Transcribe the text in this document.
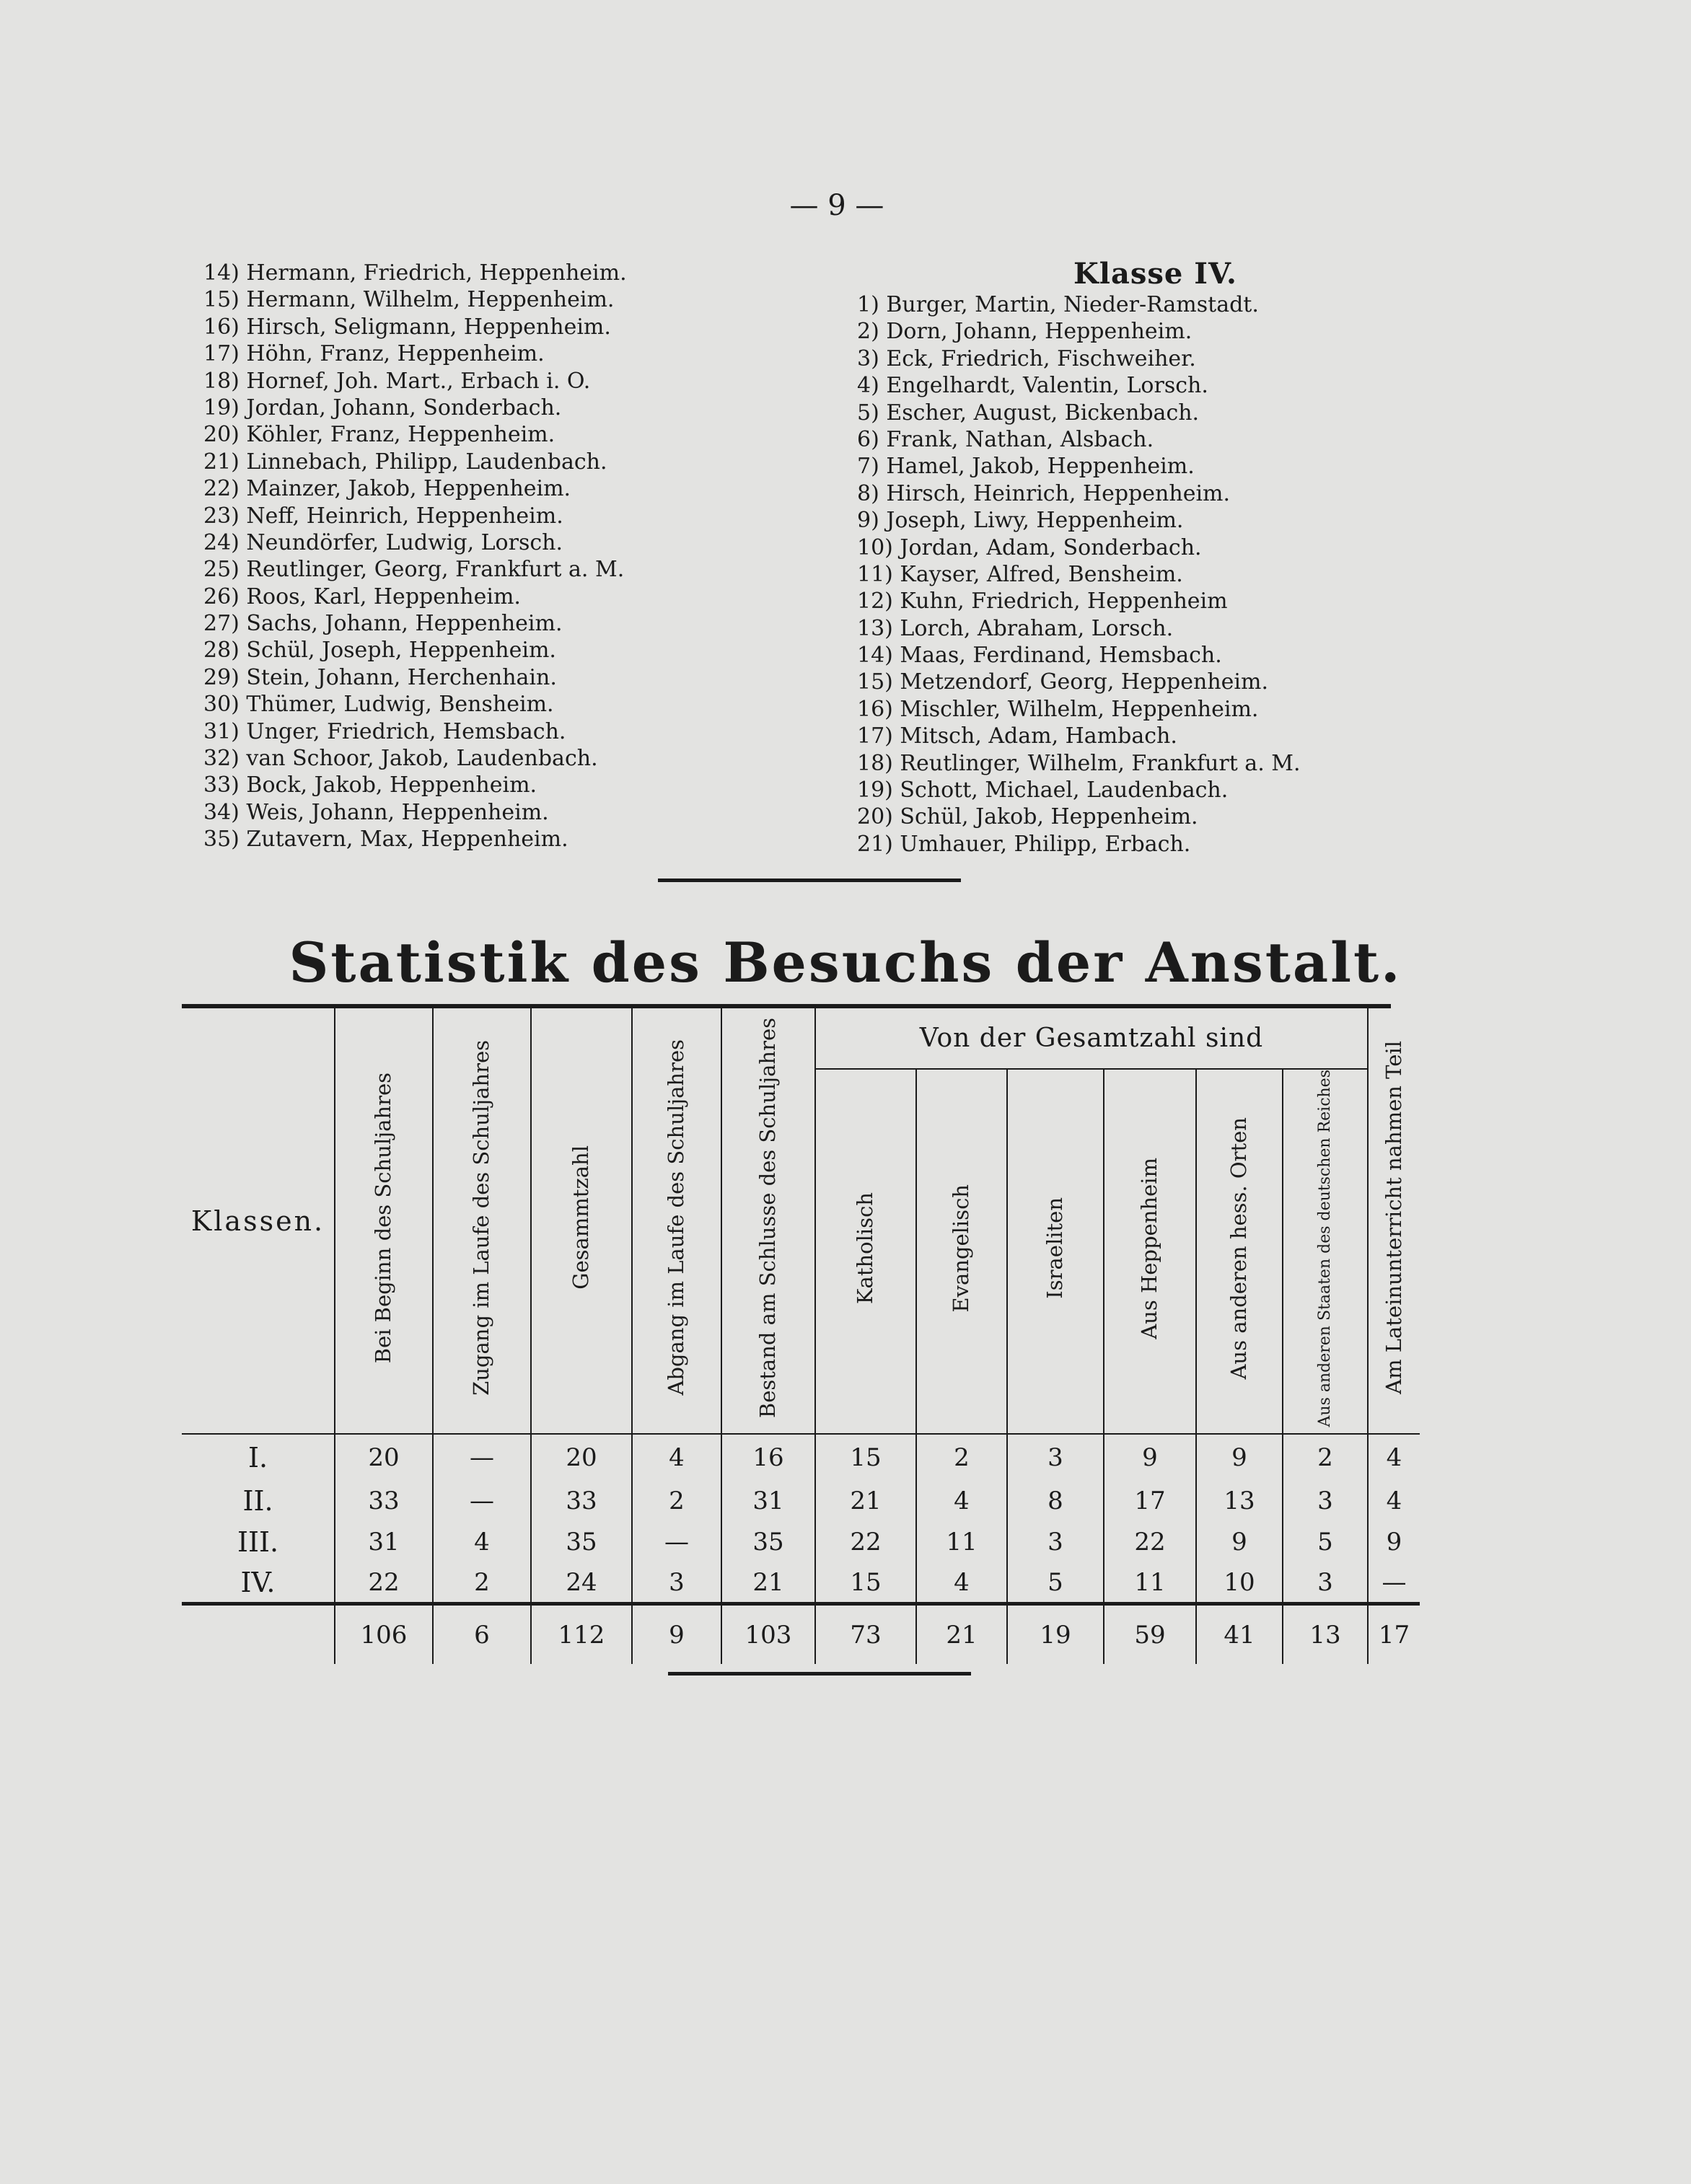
— 9 —
14) Hermann, Friedrich, Heppenheim.
15) Hermann, Wilhelm, Heppenheim.
16) Hirsch, Seligmann, Heppenheim.
17) Höhn, Franz, Heppenheim.
18) Hornef, Joh. Mart., Erbach i. O.
19) Jordan, Johann, Sonderbach.
20) Köhler, Franz, Heppenheim.
21) Linnebach, Philipp, Laudenbach.
22) Mainzer, Jakob, Heppenheim.
23) Neff, Heinrich, Heppenheim.
24) Neundörfer, Ludwig, Lorsch.
25) Reutlinger, Georg, Frankfurt a. M.
26) Roos, Karl, Heppenheim.
27) Sachs, Johann, Heppenheim.
28) Schül, Joseph, Heppenheim.
29) Stein, Johann, Herchenhain.
30) Thümer, Ludwig, Bensheim.
31) Unger, Friedrich, Hemsbach.
32) van Schoor, Jakob, Laudenbach.
33) Bock, Jakob, Heppenheim.
34) Weis, Johann, Heppenheim.
35) Zutavern, Max, Heppenheim.
Klasse IV.
1) Burger, Martin, Nieder-Ramstadt.
2) Dorn, Johann, Heppenheim.
3) Eck, Friedrich, Fischweiher.
4) Engelhardt, Valentin, Lorsch.
5) Escher, August, Bickenbach.
6) Frank, Nathan, Alsbach.
7) Hamel, Jakob, Heppenheim.
8) Hirsch, Heinrich, Heppenheim.
9) Joseph, Liwy, Heppenheim.
10) Jordan, Adam, Sonderbach.
11) Kayser, Alfred, Bensheim.
12) Kuhn, Friedrich, Heppenheim
13) Lorch, Abraham, Lorsch.
14) Maas, Ferdinand, Hemsbach.
15) Metzendorf, Georg, Heppenheim.
16) Mischler, Wilhelm, Heppenheim.
17) Mitsch, Adam, Hambach.
18) Reutlinger, Wilhelm, Frankfurt a. M.
19) Schott, Michael, Laudenbach.
20) Schül, Jakob, Heppenheim.
21) Umhauer, Philipp, Erbach.
Statistik des Besuchs der Anstalt.
Klassen.	Bei Beginn des Schuljahres	Zugang im Laufe des Schuljahres	Gesammtzahl	Abgang im Laufe des Schuljahres	Bestand am Schlusse des Schuljahres	Von der Gesamtzahl sind						Am Lateinunterricht nahmen Teil
						Katholisch	Evangelisch	Israeliten	Aus Heppenheim	Aus anderen hess. Orten	Aus anderen Staaten des deutschen Reiches	
I.	20	—	20	4	16	15	2	3	9	9	2	4
II.	33	—	33	2	31	21	4	8	17	13	3	4
III.	31	4	35	—	35	22	11	3	22	9	5	9
IV.	22	2	24	3	21	15	4	5	11	10	3	—
	106	6	112	9	103	73	21	19	59	41	13	17
